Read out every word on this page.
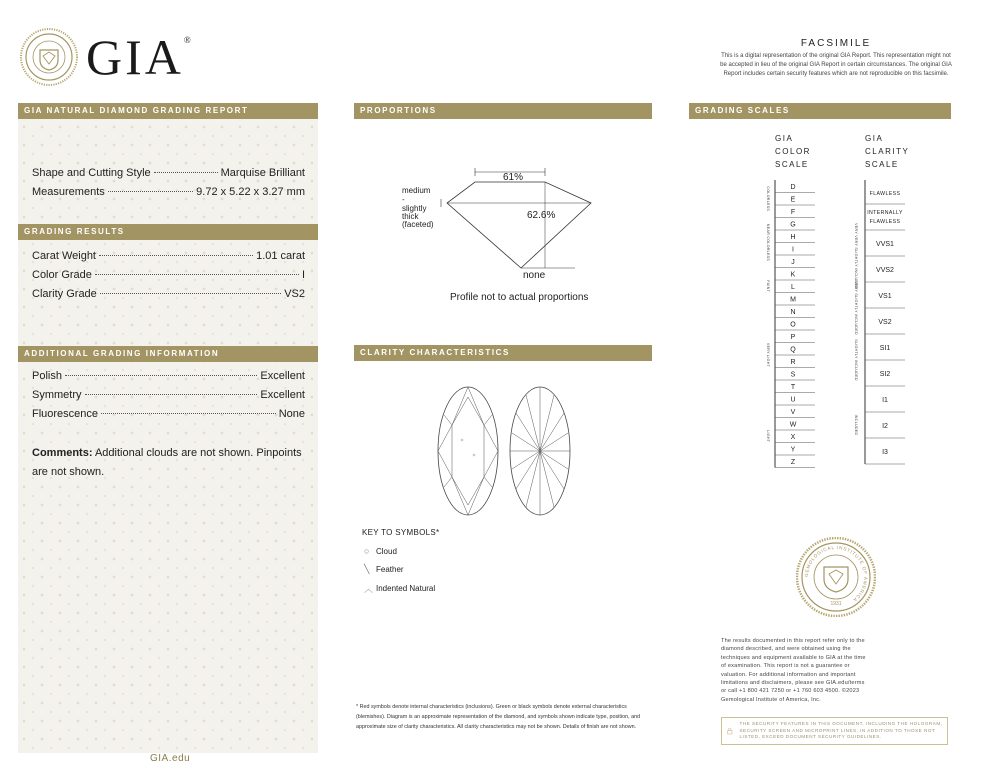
GIA®	FACSIMILE
This is a digital representation of the original GIA Report. This representation might not be accepted in lieu of the original GIA Report in certain circumstances. The original GIA Report includes certain security features which are not reproducible on this facsimile.
GIA NATURAL DIAMOND GRADING REPORT
Shape and Cutting Style	Marquise Brilliant
Measurements	9.72 x 5.22 x 3.27 mm
GRADING RESULTS
Carat Weight	1.01 carat
Color Grade	I
Clarity Grade	VS2
ADDITIONAL GRADING INFORMATION
Polish	Excellent
Symmetry	Excellent
Fluorescence	None
Comments: Additional clouds are not shown. Pinpoints are not shown.
GIA.edu
PROPORTIONS
61%
62.6%
medium
-
slightly
thick
(faceted)
none
Profile not to actual proportions
CLARITY CHARACTERISTICS
KEY TO SYMBOLS*
○ Cloud
╲ Feather
︿ Indented Natural
* Red symbols denote internal characteristics (inclusions). Green or black symbols denote external characteristics (blemishes). Diagram is an approximate representation of the diamond, and symbols shown indicate type, position, and approximate size of clarity characteristics. All clarity characteristics may not be shown. Details of finish are not shown.
GRADING SCALES
GIA
COLOR
SCALE
GIA
CLARITY
SCALE
D
E
F
G
H
I
J
K
L
M
N
O
P
Q
R
S
T
U
V
W
X
Y
Z
COLORLESS
NEAR COLORLESS
FAINT
VERY LIGHT
LIGHT
FLAWLESS
INTERNALLY
FLAWLESS
VVS1
VVS2
VS1
VS2
SI1
SI2
I1
I2
I3
VERY VERY SLIGHTLY INCLUDED
VERY SLIGHTLY INCLUDED
SLIGHTLY INCLUDED
INCLUDED
GEMOLOGICAL INSTITUTE OF AMERICA
1931
The results documented in this report refer only to the diamond described, and were obtained using the techniques and equipment available to GIA at the time of examination. This report is not a guarantee or valuation. For additional information and important limitations and disclaimers, please see GIA.edu/terms or call +1 800 421 7250 or +1 760 603 4500. ©2023 Gemological Institute of America, Inc.
THE SECURITY FEATURES IN THIS DOCUMENT, INCLUDING THE HOLOGRAM, SECURITY SCREEN AND MICROPRINT LINES, IN ADDITION TO THOSE NOT LISTED, EXCEED DOCUMENT SECURITY GUIDELINES.
